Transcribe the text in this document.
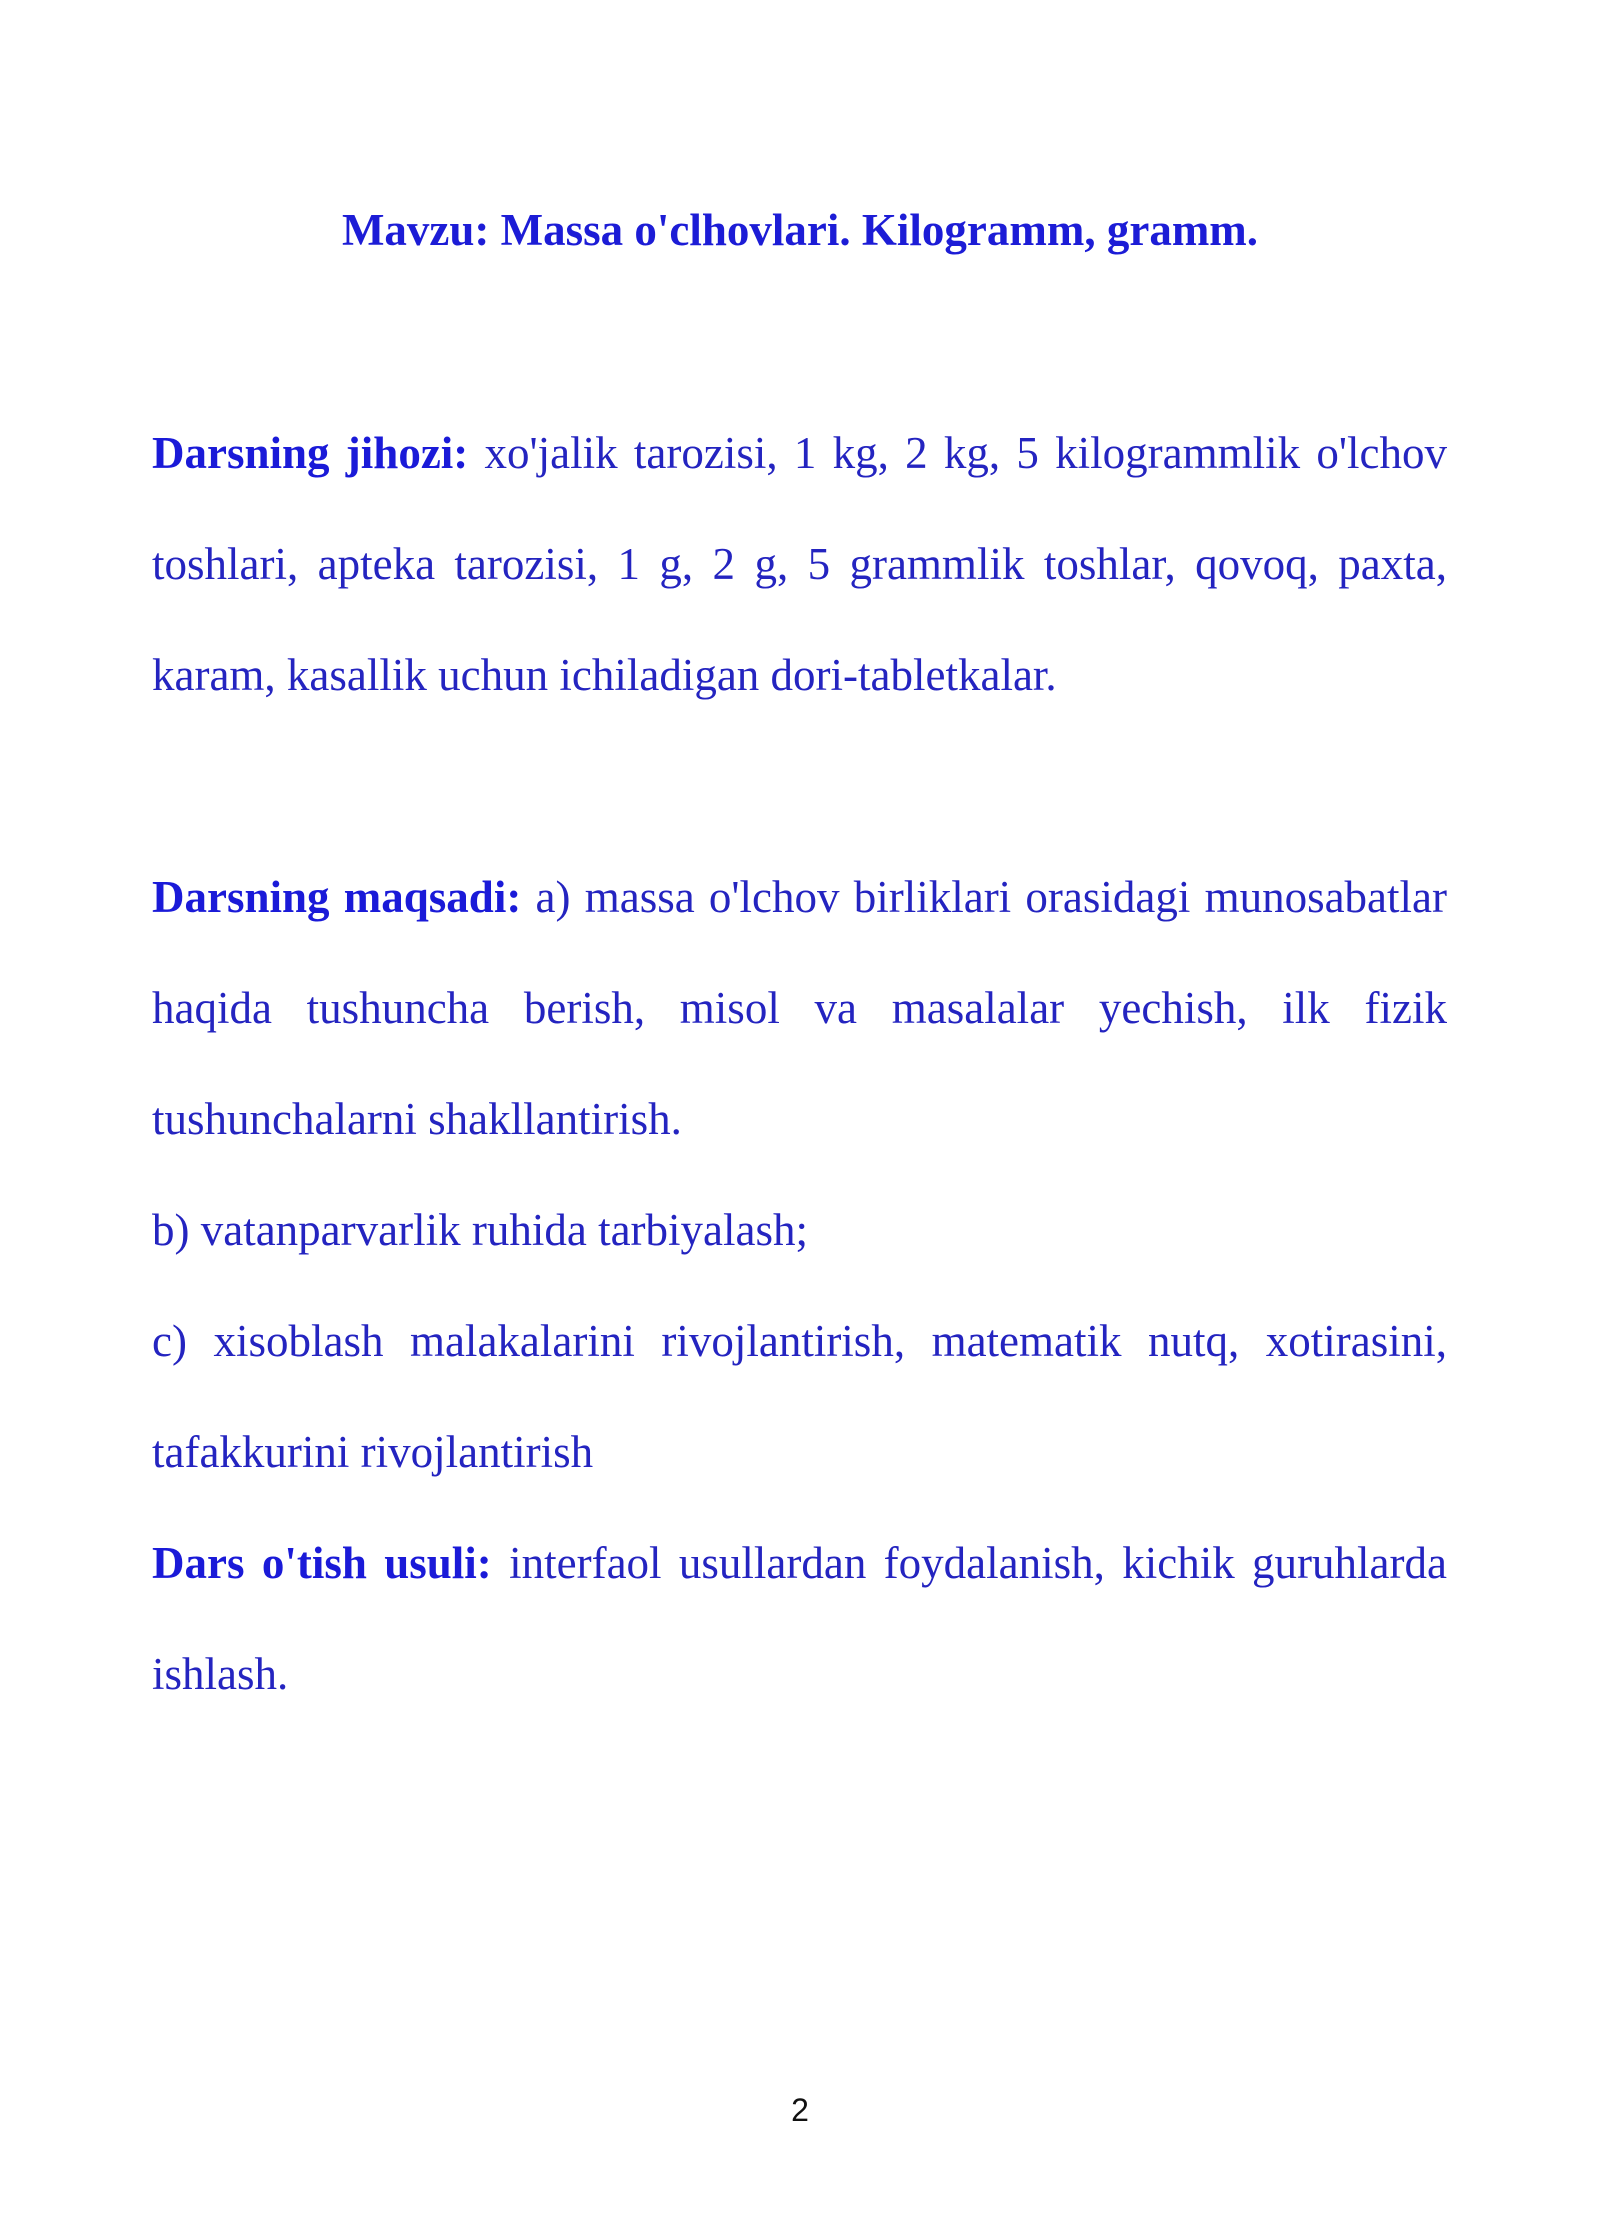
Mavzu: Massa o'clhovlari. Kilogramm, gramm.

Darsning jihozi: xo'jalik tarozisi, 1 kg, 2 kg, 5 kilogrammlik o'lchov toshlari, apteka tarozisi, 1 g, 2 g, 5 grammlik toshlar, qovoq, paxta, karam, kasallik uchun ichiladigan dori-tabletkalar.

Darsning maqsadi: a) massa o'lchov birliklari orasidagi munosabatlar haqida tushuncha berish, misol va masalalar yechish, ilk fizik tushunchalarni shakllantirish.

b) vatanparvarlik ruhida tarbiyalash;

c) xisoblash malakalarini rivojlantirish, matematik nutq, xotirasini, tafakkurini rivojlantirish

Dars o'tish usuli: interfaol usullardan foydalanish, kichik guruhlarda ishlash.

2
